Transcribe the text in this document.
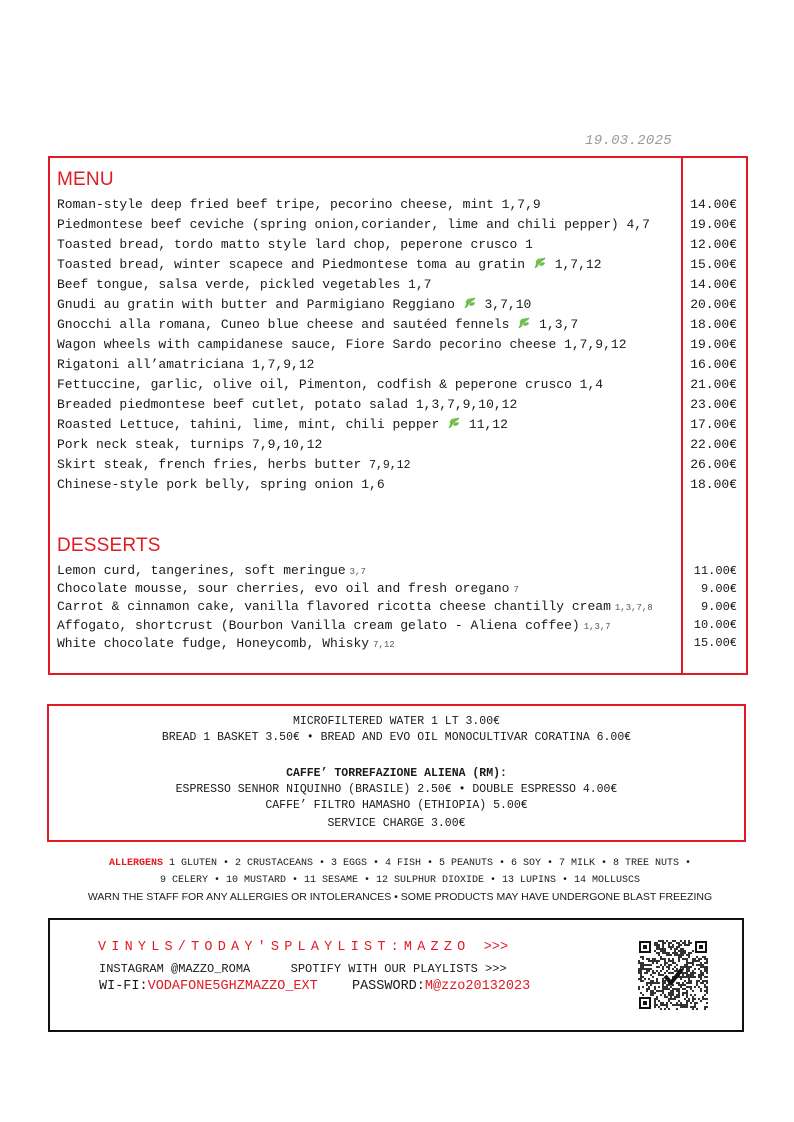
19.03.2025
MENU
Roman-style deep fried beef tripe, pecorino cheese, mint 1,7,9	14.00€
Piedmontese beef ceviche (spring onion,coriander, lime and chili pepper) 4,7	19.00€
Toasted bread, tordo matto style lard chop, peperone crusco 1	12.00€
Toasted bread, winter scapece and Piedmontese toma au gratin 1,7,12	15.00€
Beef tongue, salsa verde, pickled vegetables 1,7	14.00€
Gnudi au gratin with butter and Parmigiano Reggiano 3,7,10	20.00€
Gnocchi alla romana, Cuneo blue cheese and sautéed fennels 1,3,7	18.00€
Wagon wheels with campidanese sauce, Fiore Sardo pecorino cheese 1,7,9,12	19.00€
Rigatoni all’amatriciana 1,7,9,12	16.00€
Fettuccine, garlic, olive oil, Pimenton, codfish & peperone crusco 1,4	21.00€
Breaded piedmontese beef cutlet, potato salad 1,3,7,9,10,12	23.00€
Roasted Lettuce, tahini, lime, mint, chili pepper 11,12	17.00€
Pork neck steak, turnips 7,9,10,12	22.00€
Skirt steak, french fries, herbs butter 7,9,12	26.00€
Chinese-style pork belly, spring onion 1,6	18.00€
DESSERTS
Lemon curd, tangerines, soft meringue 3,7	11.00€
Chocolate mousse, sour cherries, evo oil and fresh oregano 7	9.00€
Carrot & cinnamon cake, vanilla flavored ricotta cheese chantilly cream 1,3,7,8	9.00€
Affogato, shortcrust (Bourbon Vanilla cream gelato - Aliena coffee) 1,3,7	10.00€
White chocolate fudge, Honeycomb, Whisky 7,12	15.00€
MICROFILTERED WATER 1 LT 3.00€
BREAD 1 BASKET 3.50€ • BREAD AND EVO OIL MONOCULTIVAR CORATINA 6.00€
CAFFE’ TORREFAZIONE ALIENA (RM):
ESPRESSO SENHOR NIQUINHO (BRASILE) 2.50€ • DOUBLE ESPRESSO 4.00€
CAFFE’ FILTRO HAMASHO (ETHIOPIA) 5.00€
SERVICE CHARGE 3.00€
ALLERGENS 1 GLUTEN • 2 CRUSTACEANS • 3 EGGS • 4 FISH • 5 PEANUTS • 6 SOY • 7 MILK • 8 TREE NUTS •
9 CELERY • 10 MUSTARD • 11 SESAME • 12 SULPHUR DIOXIDE • 13 LUPINS • 14 MOLLUSCS
WARN THE STAFF FOR ANY ALLERGIES OR INTOLERANCES • SOME PRODUCTS MAY HAVE UNDERGONE BLAST FREEZING
VINYLS/TODAY'SPLAYLIST:MAZZO >>>
INSTAGRAM @MAZZO_ROMA	SPOTIFY WITH OUR PLAYLISTS >>>
WI-FI:VODAFONE5GHZMAZZO_EXT	PASSWORD:M@zzo20132023
